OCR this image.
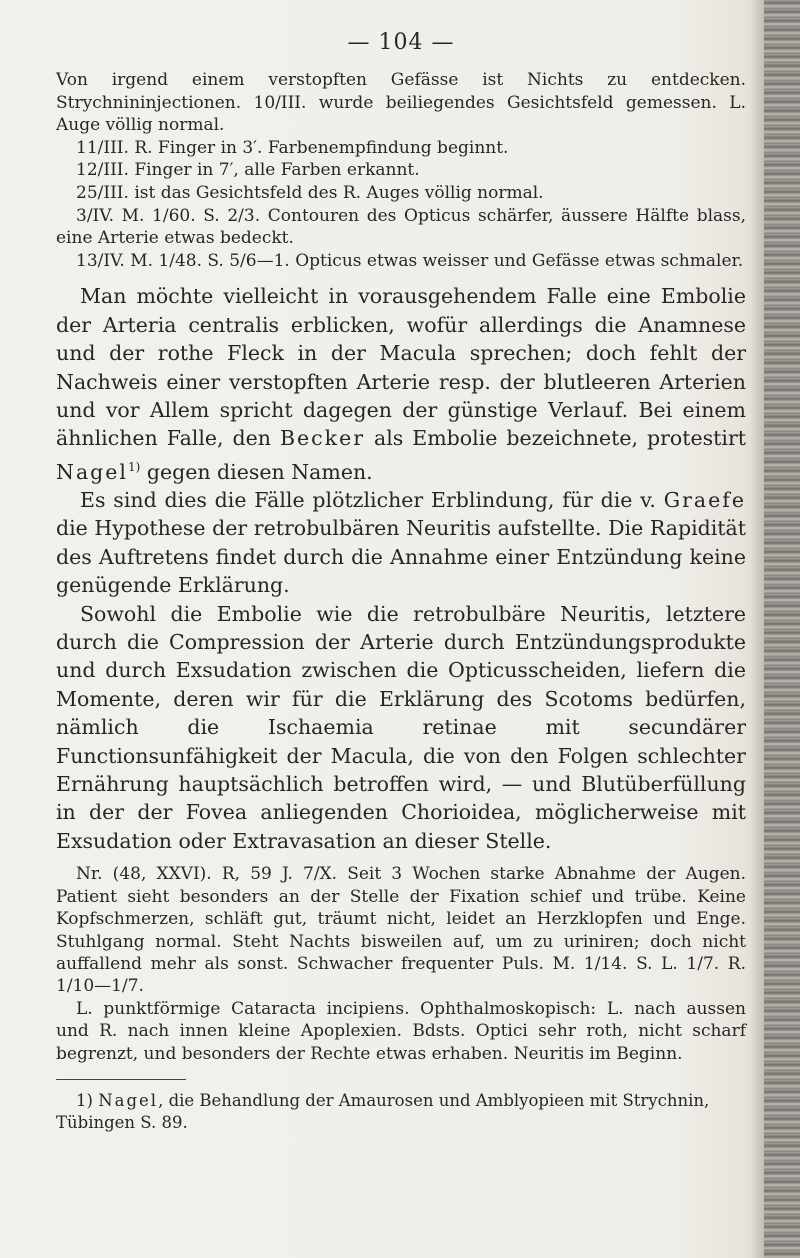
— 104 —

Von irgend einem verstopften Gefässe ist Nichts zu entdecken. Strychnininjectionen. 10/III. wurde beiliegendes Gesichtsfeld gemessen. L. Auge völlig normal.

11/III. R. Finger in 3′. Farbenempfindung beginnt.

12/III. Finger in 7′, alle Farben erkannt.

25/III. ist das Gesichtsfeld des R. Auges völlig normal.

3/IV. M. 1/60. S. 2/3. Contouren des Opticus schärfer, äussere Hälfte blass, eine Arterie etwas bedeckt.

13/IV. M. 1/48. S. 5/6—1. Opticus etwas weisser und Gefässe etwas schmaler.

Man möchte vielleicht in vorausgehendem Falle eine Embolie der Arteria centralis erblicken, wofür allerdings die Anamnese und der rothe Fleck in der Macula sprechen; doch fehlt der Nachweis einer verstopften Arterie resp. der blutleeren Arterien und vor Allem spricht dagegen der günstige Verlauf. Bei einem ähnlichen Falle, den Becker als Embolie bezeichnete, protestirt Nagel$^{1)}$ gegen diesen Namen.

Es sind dies die Fälle plötzlicher Erblindung, für die v. Graefe die Hypothese der retrobulbären Neuritis aufstellte. Die Rapidität des Auftretens findet durch die Annahme einer Entzündung keine genügende Erklärung.

Sowohl die Embolie wie die retrobulbäre Neuritis, letztere durch die Compression der Arterie durch Entzündungsprodukte und durch Exsudation zwischen die Opticusscheiden, liefern die Momente, deren wir für die Erklärung des Scotoms bedürfen, nämlich die Ischaemia retinae mit secundärer Functionsunfähigkeit der Macula, die von den Folgen schlechter Ernährung hauptsächlich betroffen wird, — und Blutüberfüllung in der der Fovea anliegenden Chorioidea, möglicherweise mit Exsudation oder Extravasation an dieser Stelle.

Nr. (48, XXVI). R, 59 J. 7/X. Seit 3 Wochen starke Abnahme der Augen. Patient sieht besonders an der Stelle der Fixation schief und trübe. Keine Kopfschmerzen, schläft gut, träumt nicht, leidet an Herzklopfen und Enge. Stuhlgang normal. Steht Nachts bisweilen auf, um zu uriniren; doch nicht auffallend mehr als sonst. Schwacher frequenter Puls. M. 1/14. S. L. 1/7. R. 1/10—1/7.

L. punktförmige Cataracta incipiens. Ophthalmoskopisch: L. nach aussen und R. nach innen kleine Apoplexien. Bdsts. Optici sehr roth, nicht scharf begrenzt, und besonders der Rechte etwas erhaben. Neuritis im Beginn.

1) Nagel, die Behandlung der Amaurosen und Amblyopieen mit Strychnin, Tübingen S. 89.
